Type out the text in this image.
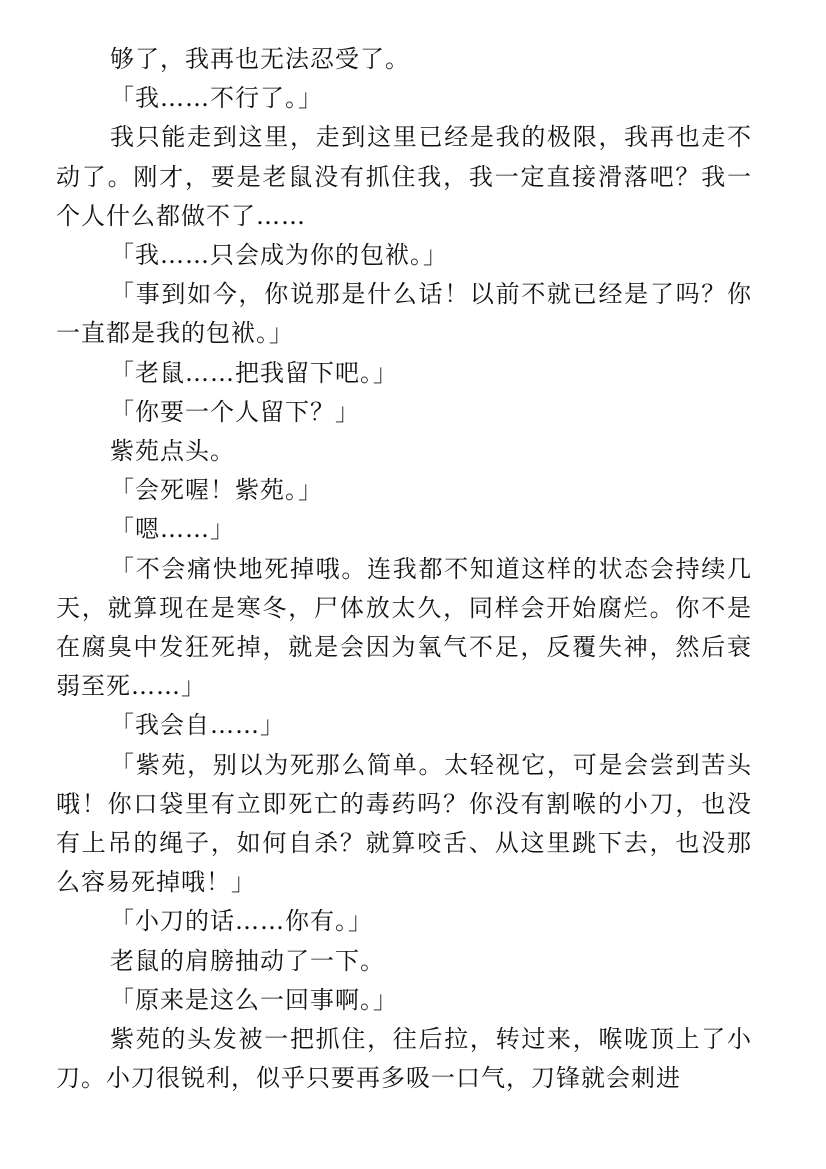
够了，我再也无法忍受了。

「我……不行了。」

我只能走到这里，走到这里已经是我的极限，我再也走不动了。刚才，要是老鼠没有抓住我，我一定直接滑落吧？我一个人什么都做不了……

「我……只会成为你的包袱。」

「事到如今，你说那是什么话！以前不就已经是了吗？你一直都是我的包袱。」

「老鼠……把我留下吧。」

「你要一个人留下？」

紫苑点头。

「会死喔！紫苑。」

「嗯……」

「不会痛快地死掉哦。连我都不知道这样的状态会持续几天，就算现在是寒冬，尸体放太久，同样会开始腐烂。你不是在腐臭中发狂死掉，就是会因为氧气不足，反覆失神，然后衰弱至死……」

「我会自……」

「紫苑，别以为死那么简单。太轻视它，可是会尝到苦头哦！你口袋里有立即死亡的毒药吗？你没有割喉的小刀，也没有上吊的绳子，如何自杀？就算咬舌、从这里跳下去，也没那么容易死掉哦！」

「小刀的话……你有。」

老鼠的肩膀抽动了一下。

「原来是这么一回事啊。」

紫苑的头发被一把抓住，往后拉，转过来，喉咙顶上了小刀。小刀很锐利，似乎只要再多吸一口气，刀锋就会刺进
